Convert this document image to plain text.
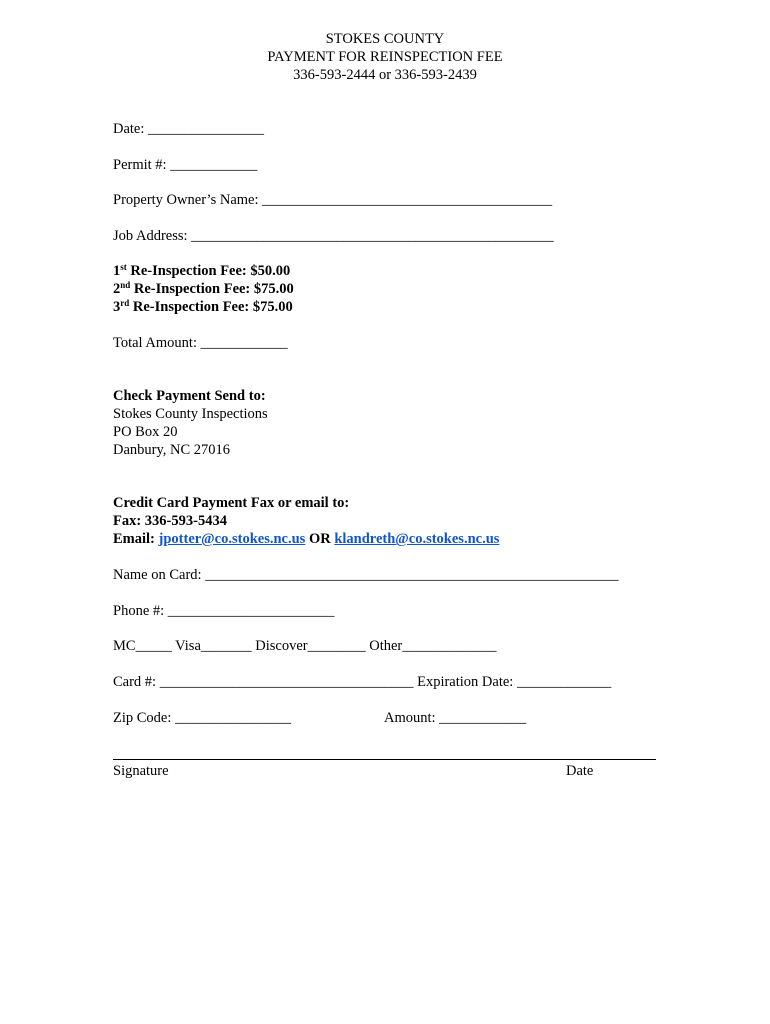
STOKES COUNTY
PAYMENT FOR REINSPECTION FEE
336-593-2444 or 336-593-2439
Date: ________________
Permit #: ____________
Property Owner’s Name: ________________________________________
Job Address: __________________________________________________
1st Re-Inspection Fee: $50.00
2nd Re-Inspection Fee: $75.00
3rd Re-Inspection Fee: $75.00
Total Amount: ____________
Check Payment Send to:
Stokes County Inspections
PO Box 20
Danbury, NC 27016
Credit Card Payment Fax or email to:
Fax: 336-593-5434
Email: jpotter@co.stokes.nc.us OR klandreth@co.stokes.nc.us
Name on Card: _________________________________________________________
Phone #: _______________________
MC_____ Visa_______ Discover________ Other_____________
Card #: ___________________________________ Expiration Date: _____________
Zip Code: ________________	Amount: ____________
Signature	Date
